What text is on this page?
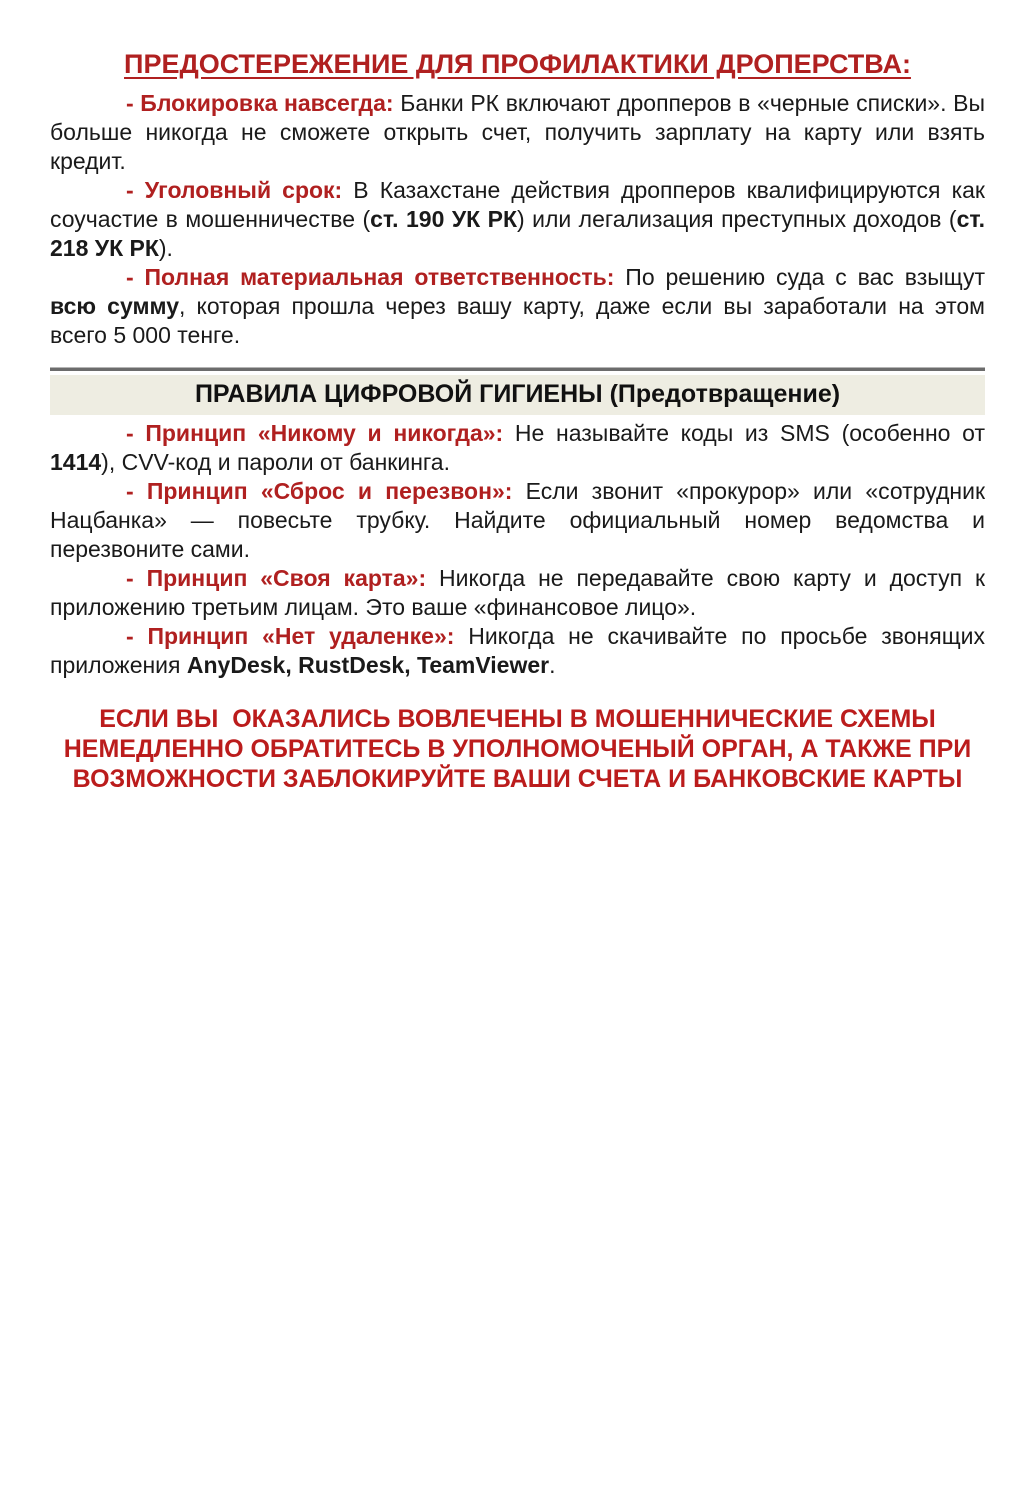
ПРЕДОСТЕРЕЖЕНИЕ ДЛЯ ПРОФИЛАКТИКИ ДРОПЕРСТВА:

- Блокировка навсегда: Банки РК включают дропперов в «черные списки». Вы больше никогда не сможете открыть счет, получить зарплату на карту или взять кредит.

- Уголовный срок: В Казахстане действия дропперов квалифицируются как соучастие в мошенничестве (ст. 190 УК РК) или легализация преступных доходов (ст. 218 УК РК).

- Полная материальная ответственность: По решению суда с вас взыщут всю сумму, которая прошла через вашу карту, даже если вы заработали на этом всего 5 000 тенге.

ПРАВИЛА ЦИФРОВОЙ ГИГИЕНЫ (Предотвращение)

- Принцип «Никому и никогда»: Не называйте коды из SMS (особенно от 1414), CVV-код и пароли от банкинга.

- Принцип «Сброс и перезвон»: Если звонит «прокурор» или «сотрудник Нацбанка» — повесьте трубку. Найдите официальный номер ведомства и перезвоните сами.

- Принцип «Своя карта»: Никогда не передавайте свою карту и доступ к приложению третьим лицам. Это ваше «финансовое лицо».

- Принцип «Нет удаленке»: Никогда не скачивайте по просьбе звонящих приложения AnyDesk, RustDesk, TeamViewer.

ЕСЛИ ВЫ  ОКАЗАЛИСЬ ВОВЛЕЧЕНЫ В МОШЕННИЧЕСКИЕ СХЕМЫ
НЕМЕДЛЕННО ОБРАТИТЕСЬ В УПОЛНОМОЧЕНЫЙ ОРГАН, А ТАКЖЕ ПРИ
ВОЗМОЖНОСТИ ЗАБЛОКИРУЙТЕ ВАШИ СЧЕТА И БАНКОВСКИЕ КАРТЫ
